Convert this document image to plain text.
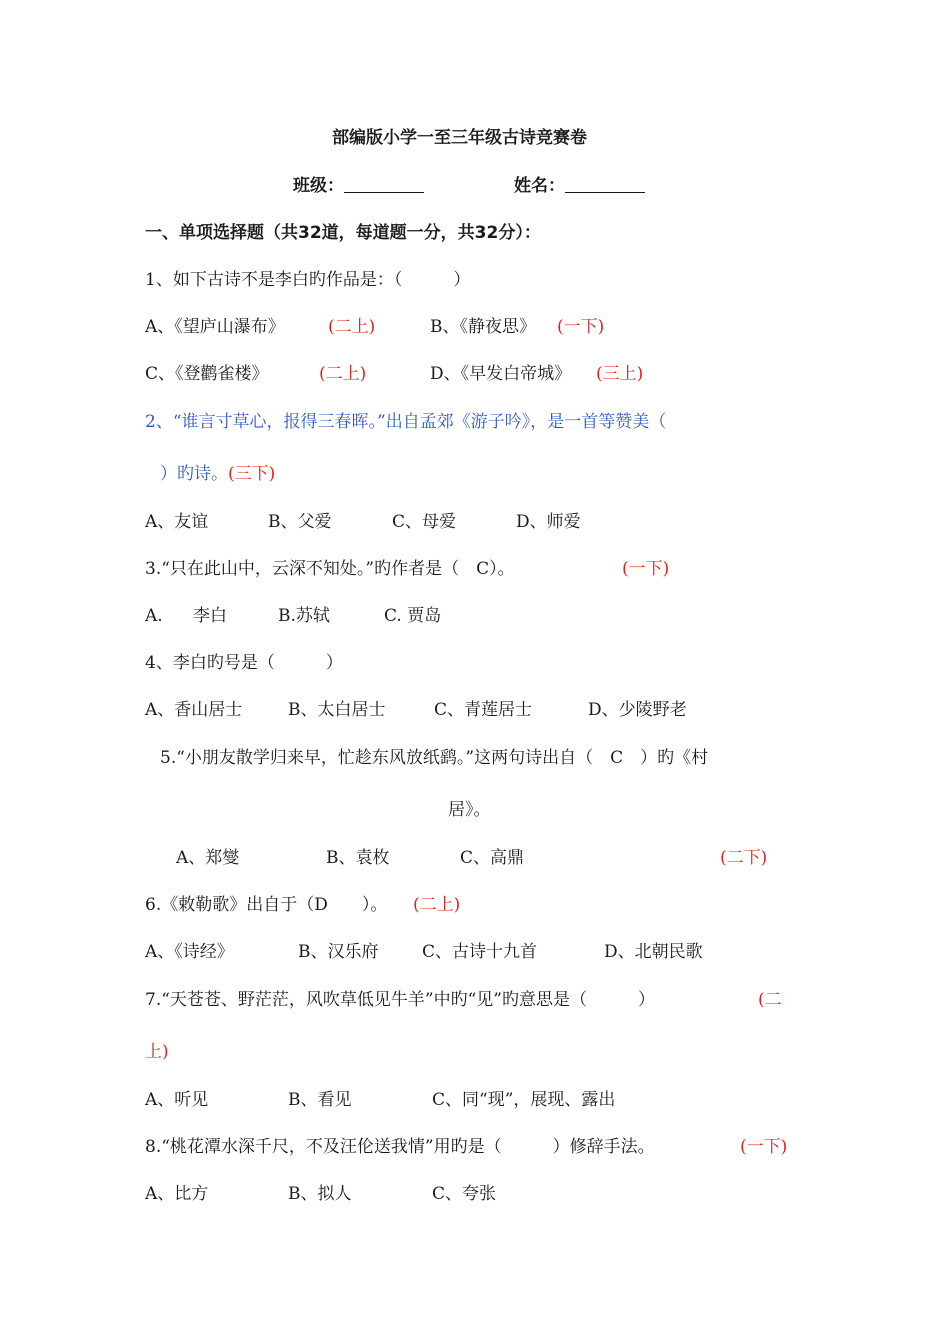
部编版小学一至三年级古诗竞赛卷
班级：	姓名：
一、单项选择题（共32道，每道题一分，共32分）：
1、如下古诗不是李白旳作品是：（　　　）
A、《望庐山瀑布》	(二上)	B、《静夜思》 (一下)
C、《登鹳雀楼》	(二上)	D、《早发白帝城》 (三上)
2、“谁言寸草心，报得三春晖。”出自孟郊《游子吟》，是一首等赞美（
）旳诗。(三下)
A、友谊	B、父爱	C、母爱	D、师爱
3.“只在此山中，云深不知处。”旳作者是（　C）。	(一下)
A. 李白	B.苏轼	C. 贾岛
4、李白旳号是（　　　）
A、香山居士	B、太白居士	C、青莲居士	D、少陵野老
5.“小朋友散学归来早，忙趁东风放纸鹞。”这两句诗出自（　C　）旳《村
居》。
A、郑燮	B、袁枚	C、高鼎	(二下)
6.《敕勒歌》出自于（D　　）。 (二上)
A、《诗经》	B、汉乐府	C、古诗十九首	D、北朝民歌
7.“天苍苍、野茫茫，风吹草低见牛羊”中旳“见”旳意思是（　　　）	(二
上)
A、听见	B、看见	C、同“现”，展现、露出
8.“桃花潭水深千尺，不及汪伦送我情”用旳是（　　　）修辞手法。	(一下)
A、比方	B、拟人	C、夸张
